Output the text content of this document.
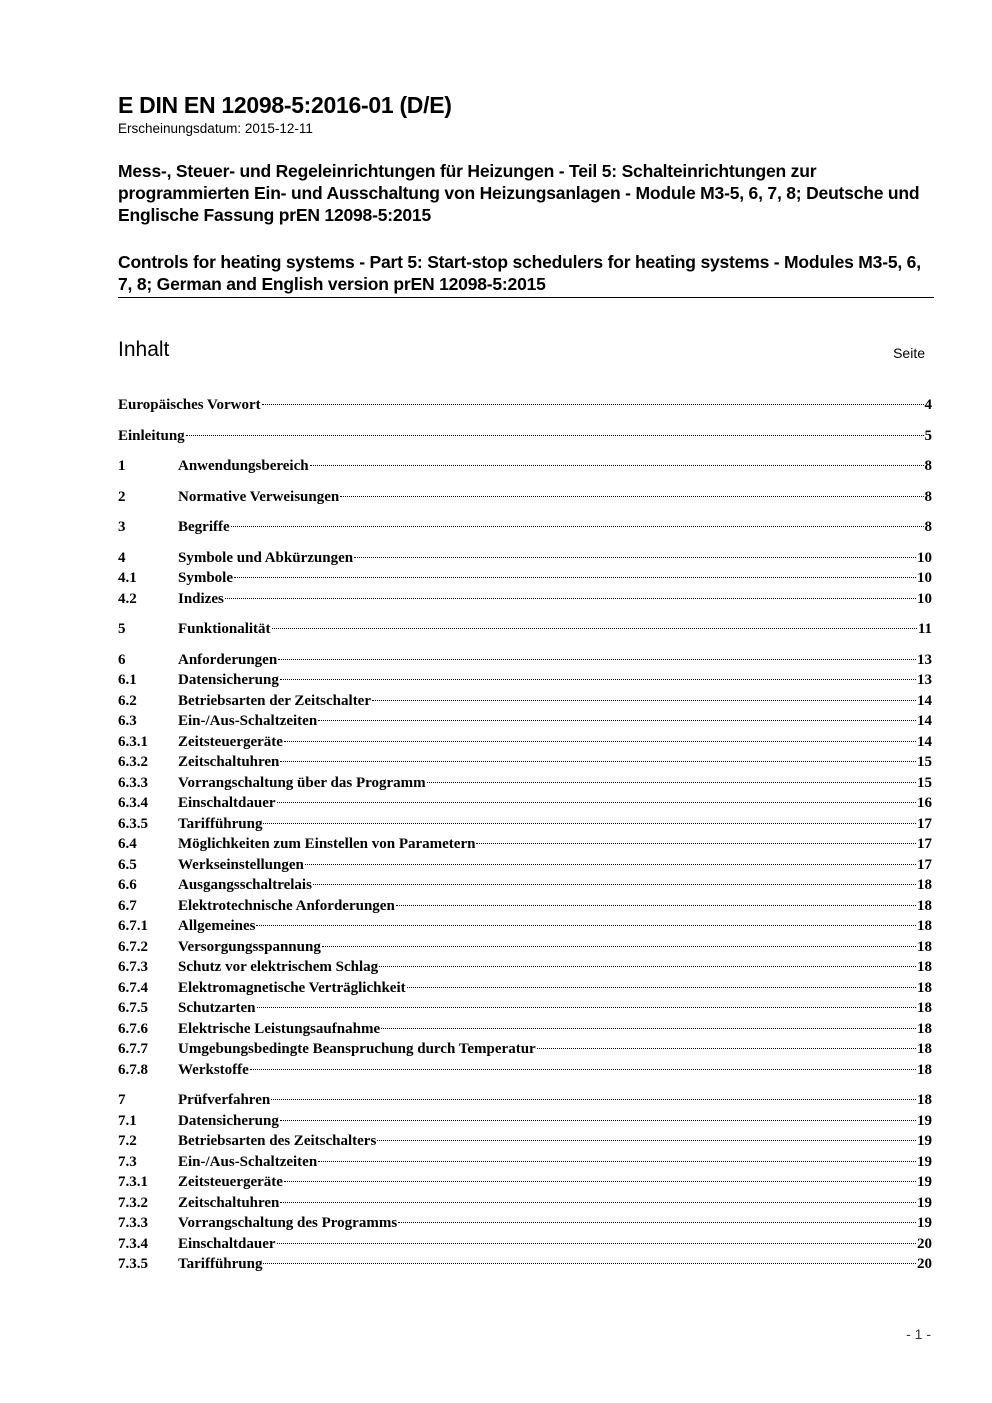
E DIN EN 12098-5:2016-01 (D/E)
Erscheinungsdatum: 2015-12-11
Mess-, Steuer- und Regeleinrichtungen für Heizungen - Teil 5: Schalteinrichtungen zur programmierten Ein- und Ausschaltung von Heizungsanlagen - Module M3-5, 6, 7, 8; Deutsche und Englische Fassung prEN 12098-5:2015
Controls for heating systems - Part 5: Start-stop schedulers for heating systems - Modules M3-5, 6, 7, 8; German and English version prEN 12098-5:2015
Inhalt	Seite
Europäisches Vorwort	4
Einleitung	5
1	Anwendungsbereich	8
2	Normative Verweisungen	8
3	Begriffe	8
4	Symbole und Abkürzungen	10
4.1	Symbole	10
4.2	Indizes	10
5	Funktionalität	11
6	Anforderungen	13
6.1	Datensicherung	13
6.2	Betriebsarten der Zeitschalter	14
6.3	Ein-/Aus-Schaltzeiten	14
6.3.1	Zeitsteuergeräte	14
6.3.2	Zeitschaltuhren	15
6.3.3	Vorrangschaltung über das Programm	15
6.3.4	Einschaltdauer	16
6.3.5	Tarifführung	17
6.4	Möglichkeiten zum Einstellen von Parametern	17
6.5	Werkseinstellungen	17
6.6	Ausgangsschaltrelais	18
6.7	Elektrotechnische Anforderungen	18
6.7.1	Allgemeines	18
6.7.2	Versorgungsspannung	18
6.7.3	Schutz vor elektrischem Schlag	18
6.7.4	Elektromagnetische Verträglichkeit	18
6.7.5	Schutzarten	18
6.7.6	Elektrische Leistungsaufnahme	18
6.7.7	Umgebungsbedingte Beanspruchung durch Temperatur	18
6.7.8	Werkstoffe	18
7	Prüfverfahren	18
7.1	Datensicherung	19
7.2	Betriebsarten des Zeitschalters	19
7.3	Ein-/Aus-Schaltzeiten	19
7.3.1	Zeitsteuergeräte	19
7.3.2	Zeitschaltuhren	19
7.3.3	Vorrangschaltung des Programms	19
7.3.4	Einschaltdauer	20
7.3.5	Tarifführung	20
- 1 -
